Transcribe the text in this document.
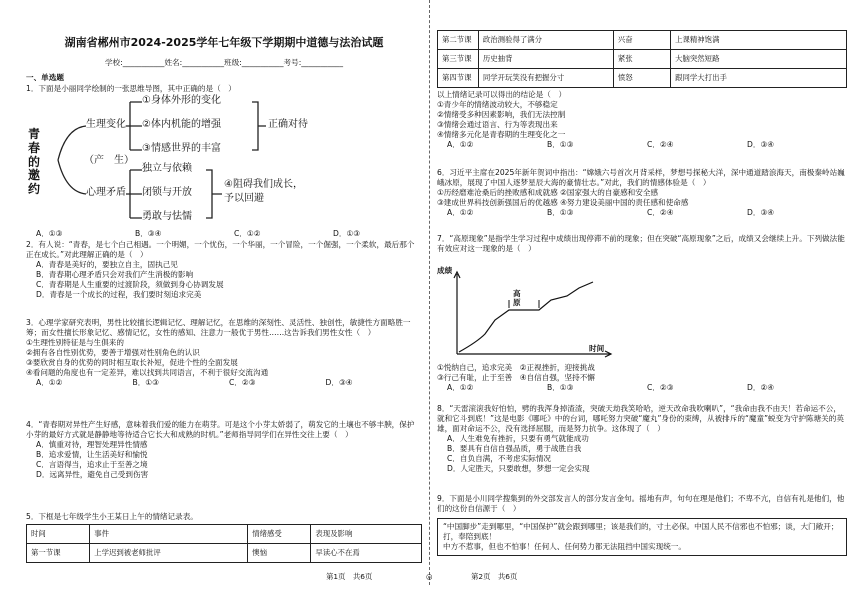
湖南省郴州市2024-2025学年七年级下学期期中道德与法治试题
学校:___________姓名:___________班级:___________考号:___________
一、单选题
1．下面是小丽同学绘制的一张思维导图，其中正确的是（　）
青春的邀约
生理变化
①身体外形的变化
②体内机能的增强
③情感世界的丰富
正确对待
（产　生）
心理矛盾
独立与依赖
闭锁与开放
勇敢与怯懦
④阻碍我们成长，予以回避
A．①③	B．③④	C．①②	D．①③

2．有人说：“青春，是七个白己相遇。一个明媚，一个忧伤，一个华丽，一个冒险，一个倔强，一个柔软，最后那个正在成长。”对此理解正确的是（　）

A．青春是美好的，要独立自主，固执己见

B．青春期心理矛盾只会对我们产生消极的影响

C．青春期是人生重要的过渡阶段，须做到身心协调发展

D．青春是一个成长的过程，我们要时刻追求完美

3．心理学家研究表明，男性比较擅长逻辑记忆、理解记忆，在思维的深刻性、灵活性、独创性，敏捷性方面略胜一筹；而女性擅长形象记忆、感情记忆，女性的感知、注意力一般优于男性……这告诉我们男性女性（　）

①生理性别特征是与生俱来的

②拥有各自性别优势，要善于增强对性别角色的认识

③要欣赏自身的优势的同时相互取长补短，促进个性的全面发展

④看问题的角度也有一定差异，难以找到共同语言，不利于很好交流沟通

A．①②	B．①③	C．②③	D．③④

4．“青春期对异性产生好感，意味着我们爱的能力在萌芽。可是这个小芽太娇弱了，萌发它的土壤也不够丰腴，保护小芽的最好方式就是静静地等待适合它长大和成熟的时机。”老师指导同学们在异性交往上要（　）

A．慎重对待，理智处理异性情感

B．追求爱情，让生活美好和愉悦

C．言语得当，追求止于至善之境

D．远离异性，避免自己受到伤害

5．下框是七年级学生小王某日上午的情绪记录表。
时间	事件	情绪感受	表现及影响
第一节课	上学迟到被老师批评	懊恼	早读心不在焉
第1页　共6页	◎
第二节课	政治测验得了满分	兴奋	上课精神饱满
第三节课	历史抽背	紧张	大脑突然短路
第四节课	同学开玩笑没有把握分寸	愤怒	跟同学大打出手

以上情绪记录可以得出的结论是（　）

①青少年的情绪波动较大，不够稳定

②情绪受多种因素影响，我们无法控制

③情绪会通过语言、行为等表现出来

④情绪多元化是青春期的生理变化之一

A．①②	B．①③	C．②④	D．③④

6．习近平主席在2025年新年贺词中指出：“嫦娥六号首次月背采样，梦想号探秘大洋，深中通道踏浪海天，南极秦岭站巍峨冰原，展现了中国人逐梦星辰大海的豪情壮志。”对此，我们的情感体验是（　）

①历经磨难沧桑后的挫败感和成就感 ②国家强大的自豪感和安全感

③建成世界科技创新强国后的优越感 ④努力建设美丽中国的责任感和使命感

A．①②	B．①③	C．②④	D．③④
7．“高原现象”是指学生学习过程中成绩出现停滞不前的现象；但在突破“高原现象”之后，成绩又会继续上升。下列做法能有效应对这一现象的是（　）
成绩
时间
高原

①悦纳自己，追求完美　②正视挫折，迎接挑战

③行己有耻，止于至善　④自信自强，坚持不懈

A．①②	B．①③	C．②③	D．②④

8．“天雷滚滚我好怕怕，劈的我浑身掉渣渣，突破天劫我笑哈哈，逆天改命我吹喇叭”，“我命由我不由天！若命运不公，就和它斗到底！”这是电影《哪吒》中的台词，哪吒努力突破“魔丸”身份的束缚，从被排斥的“魔童”蜕变为守护陈塘关的英雄，面对命运不公，没有选择屈服，而是努力抗争。这体现了（　）

A．人生难免有挫折，只要有勇气就能成功

B．要具有自信自强品质，勇于战胜自我

C．自负自满，不考虑实际情况

D．人定胜天，只要敢想，梦想一定会实现

9．下面是小川同学搜集到的外交部发言人的部分发言金句。摇地有声，句句在理是他们；不卑不亢，自信有礼是他们，他们的这份自信源于（　）

“中国脚步”走到哪里，“中国保护”就会跟到哪里；该是我们的，寸土必保。中国人民不信邪也不怕邪；谈，大门敞开；打，奉陪到底！

中方不惹事，但也不怕事！任何人、任何势力都无法阻挡中国实现统一。

第2页　共6页
